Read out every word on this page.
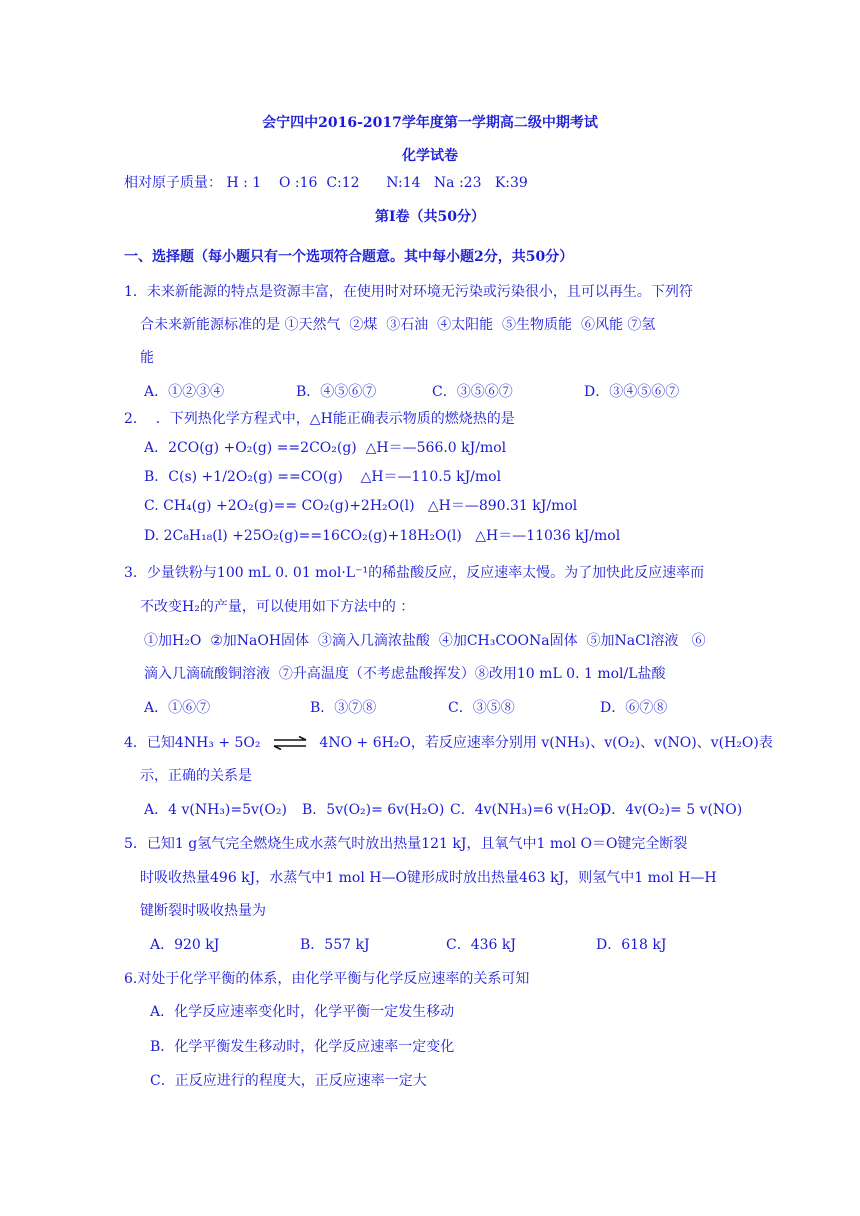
会宁四中2016-2017学年度第一学期高二级中期考试
化学试卷
相对原子质量： H : 1    O :16  C:12      N:14   Na :23   K:39
第Ⅰ卷（共50分）
一、选择题（每小题只有一个选项符合题意。其中每小题2分，共50分）
1．未来新能源的特点是资源丰富，在使用时对环境无污染或污染很小，且可以再生。下列符
合未来新能源标准的是 ①天然气  ②煤  ③石油  ④太阳能  ⑤生物质能  ⑥风能 ⑦氢
能
A．①②③④	B．④⑤⑥⑦	C．③⑤⑥⑦	D．③④⑤⑥⑦
2．  ．下列热化学方程式中，△H能正确表示物质的燃烧热的是
A．2CO(g) +O₂(g) ==2CO₂(g)  △H＝—566.0 kJ/mol
B．C(s) +1/2O₂(g) ==CO(g)    △H＝—110.5 kJ/mol
C. CH₄(g) +2O₂(g)== CO₂(g)+2H₂O(l)   △H＝—890.31 kJ/mol
D. 2C₈H₁₈(l) +25O₂(g)==16CO₂(g)+18H₂O(l)   △H＝—11036 kJ/mol
3．少量铁粉与100 mL 0. 01 mol·L⁻¹的稀盐酸反应，反应速率太慢。为了加快此反应速率而
不改变H₂的产量，可以使用如下方法中的 ：
①加H₂O  ②加NaOH固体  ③滴入几滴浓盐酸  ④加CH₃COONa固体  ⑤加NaCl溶液   ⑥
滴入几滴硫酸铜溶液  ⑦升高温度（不考虑盐酸挥发）⑧改用10 mL 0. 1 mol/L盐酸
A．①⑥⑦	B．③⑦⑧	C．③⑤⑧	D．⑥⑦⑧
4．已知4NH₃ + 5O₂ ⇌ 4NO + 6H₂O，若反应速率分别用 v(NH₃)、v(O₂)、v(NO)、v(H₂O)表
示，正确的关系是
A．4 v(NH₃)=5v(O₂) B．5v(O₂)= 6v(H₂O) C．4v(NH₃)=6 v(H₂O)
D．4v(O₂)= 5 v(NO)
5．已知1 g氢气完全燃烧生成水蒸气时放出热量121 kJ，且氧气中1 mol O＝O键完全断裂
时吸收热量496 kJ，水蒸气中1 mol H—O键形成时放出热量463 kJ，则氢气中1 mol H—H
键断裂时吸收热量为
A．920 kJ	B．557 kJ	C．436 kJ	D．618 kJ
6.对处于化学平衡的体系，由化学平衡与化学反应速率的关系可知
A．化学反应速率变化时，化学平衡一定发生移动
B．化学平衡发生移动时，化学反应速率一定变化
C．正反应进行的程度大，正反应速率一定大
